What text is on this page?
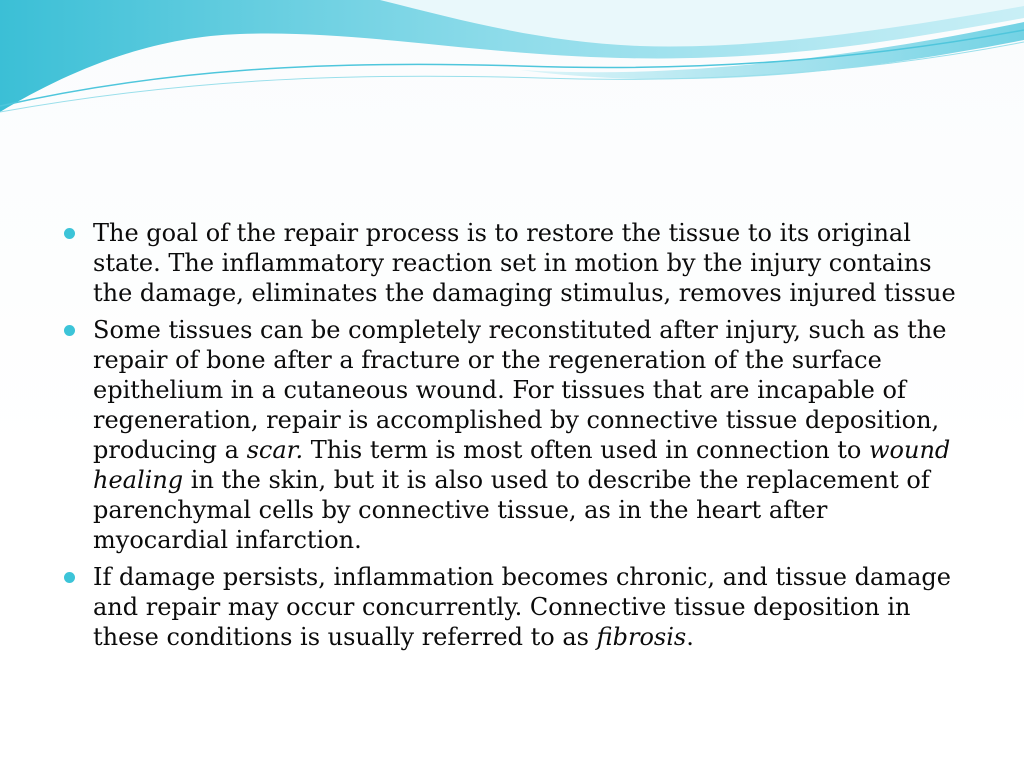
The goal of the repair process is to restore the tissue to its original state. The inflammatory reaction set in motion by the injury contains the damage, eliminates the damaging stimulus, removes injured tissue
Some tissues can be completely reconstituted after injury, such as the repair of bone after a fracture or the regeneration of the surface epithelium in a cutaneous wound. For tissues that are incapable of regeneration, repair is accomplished by connective tissue deposition, producing a scar. This term is most often used in connection to wound healing in the skin, but it is also used to describe the replacement of parenchymal cells by connective tissue, as in the heart after myocardial infarction.
If damage persists, inflammation becomes chronic, and tissue damage and repair may occur concurrently. Connective tissue deposition in these conditions is usually referred to as fibrosis.
